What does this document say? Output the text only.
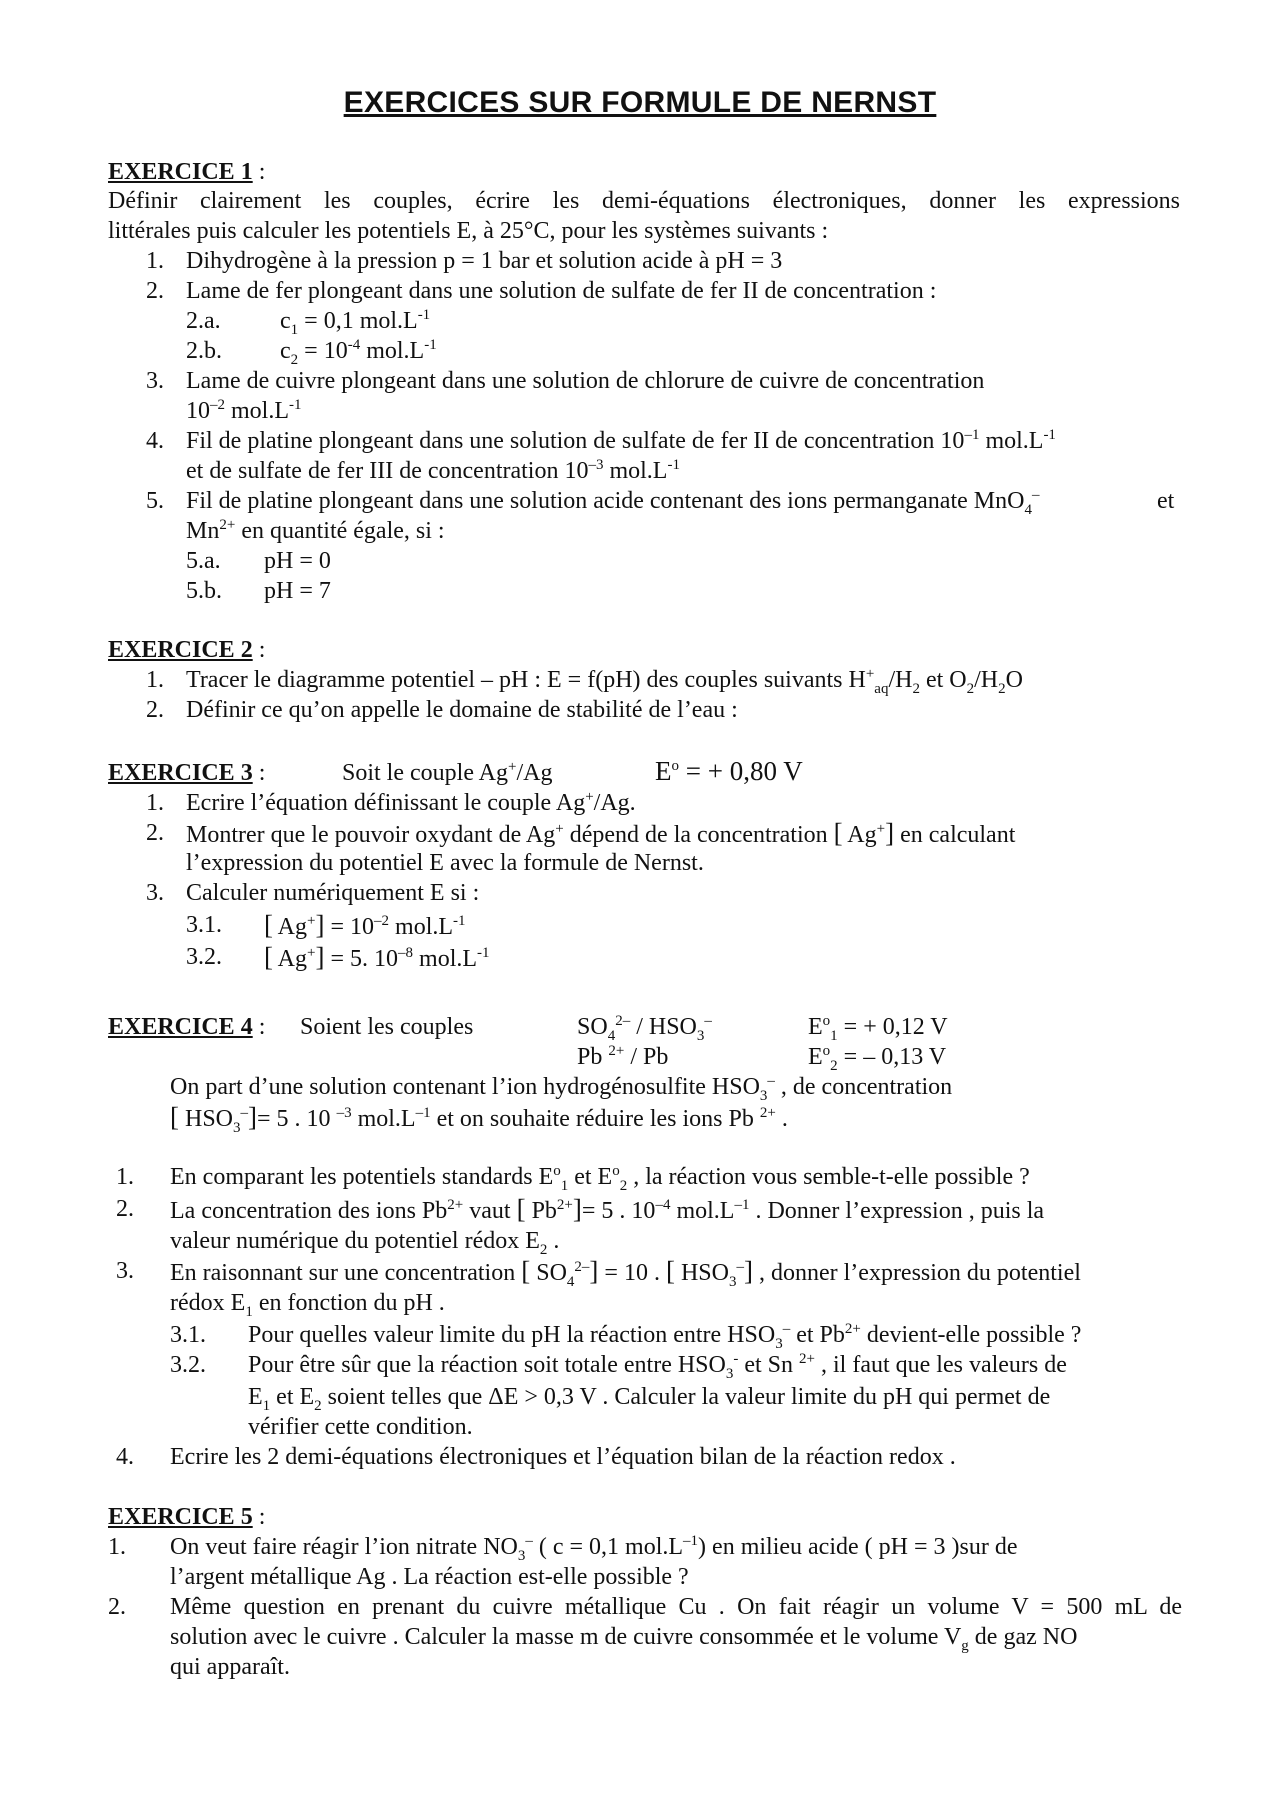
EXERCICES SUR FORMULE DE NERNST
EXERCICE 1 :
Définir clairement les couples, écrire les demi-équations électroniques, donner les expressions
littérales puis calculer les potentiels E, à 25°C, pour les systèmes suivants :
1. Dihydrogène à la pression p = 1 bar et solution acide à pH = 3
2. Lame de fer plongeant dans une solution de sulfate de fer II de concentration :
2.a. $c_1 = 0,1$ $mol.L^{-1}$
2.b. $c_2 = 10^{-4}$ $mol.L^{-1}$
3. Lame de cuivre plongeant dans une solution de chlorure de cuivre de concentration
$10^{-2}$ $mol.L^{-1}$
4. Fil de platine plongeant dans une solution de sulfate de fer II de concentration $10^{-1}$ $mol.L^{-1}$
et de sulfate de fer III de concentration $10^{-3}$ $mol.L^{-1}$
5. Fil de platine plongeant dans une solution acide contenant des ions permanganate MnO$_4$–	et
$Mn^{2+}$ en quantité égale, si :
5.a. pH = 0
5.b. pH = 7
EXERCICE 2 :
1. Tracer le diagramme potentiel – pH : E = f(pH) des couples suivants $H^+_{aq}/H_2$ et $O_2/H_2O$
2. Définir ce qu’on appelle le domaine de stabilité de l’eau :
EXERCICE 3 :	Soit le couple Ag+/Ag	$E^o$ = + 0,80 V
1. Ecrire l’équation définissant le couple Ag+/Ag.
2. Montrer que le pouvoir oxydant de Ag+ dépend de la concentration [ Ag+] en calculant
l’expression du potentiel E avec la formule de Nernst.
3. Calculer numériquement E si :
3.1. [ $Ag^+] = 10^{-2}$ $mol.L^{-1}$
3.2. [ Ag+] = 5. $10^{-8}$ $mol.L^{-1}$
EXERCICE 4 : Soient les couples	$SO_4^{2-} / HSO_3^-$	$E^o_1$ = + 0,12 V
Pb $^{2+}$ / Pb	$E^o_2$ = – 0,13 V
On part d’une solution contenant l’ion hydrogénosulfite $HSO_3^-$ , de concentration
[ $HSO_3^-]= 5$ . 10 $^{-3}$ $mol.L^{-1}$ et on souhaite réduire les ions Pb $^{2+}$ .
1. En comparant les potentiels standards $E^o_1$ et $E^o_2$ , la réaction vous semble-t-elle possible ?
2. La concentration des ions $Pb^{2+}$ vaut [ $Pb^{2+}]= 5$ . $10^{-4}$ $mol.L^{-1}$ . Donner l’expression , puis la
valeur numérique du potentiel rédox $E_2$ .
3. En raisonnant sur une concentration [ $SO_4^{2-}] = 10$ . [ $HSO_3^-$] , donner l’expression du potentiel
rédox $E_1$ en fonction du pH .
3.1. Pour quelles valeur limite du pH la réaction entre $HSO_3^-$ et $Pb^{2+}$ devient-elle possible ?
3.2. Pour être sûr que la réaction soit totale entre $HSO_3^-$ et Sn $^{2+}$ , il faut que les valeurs de
$E_1$ et $E_2$ soient telles que ΔE > 0,3 V . Calculer la valeur limite du pH qui permet de
vérifier cette condition.
4. Ecrire les 2 demi-équations électroniques et l’équation bilan de la réaction redox .
EXERCICE 5 :
1. On veut faire réagir l’ion nitrate $NO_3^-$ ( c = 0,1 $mol.L^{-1}$) en milieu acide ( pH = 3 )sur de
l’argent métallique Ag . La réaction est-elle possible ?
2. Même question en prenant du cuivre métallique Cu . On fait réagir un volume V = 500 mL de
solution avec le cuivre . Calculer la masse m de cuivre consommée et le volume $V_g$ de gaz NO
qui apparaît.
